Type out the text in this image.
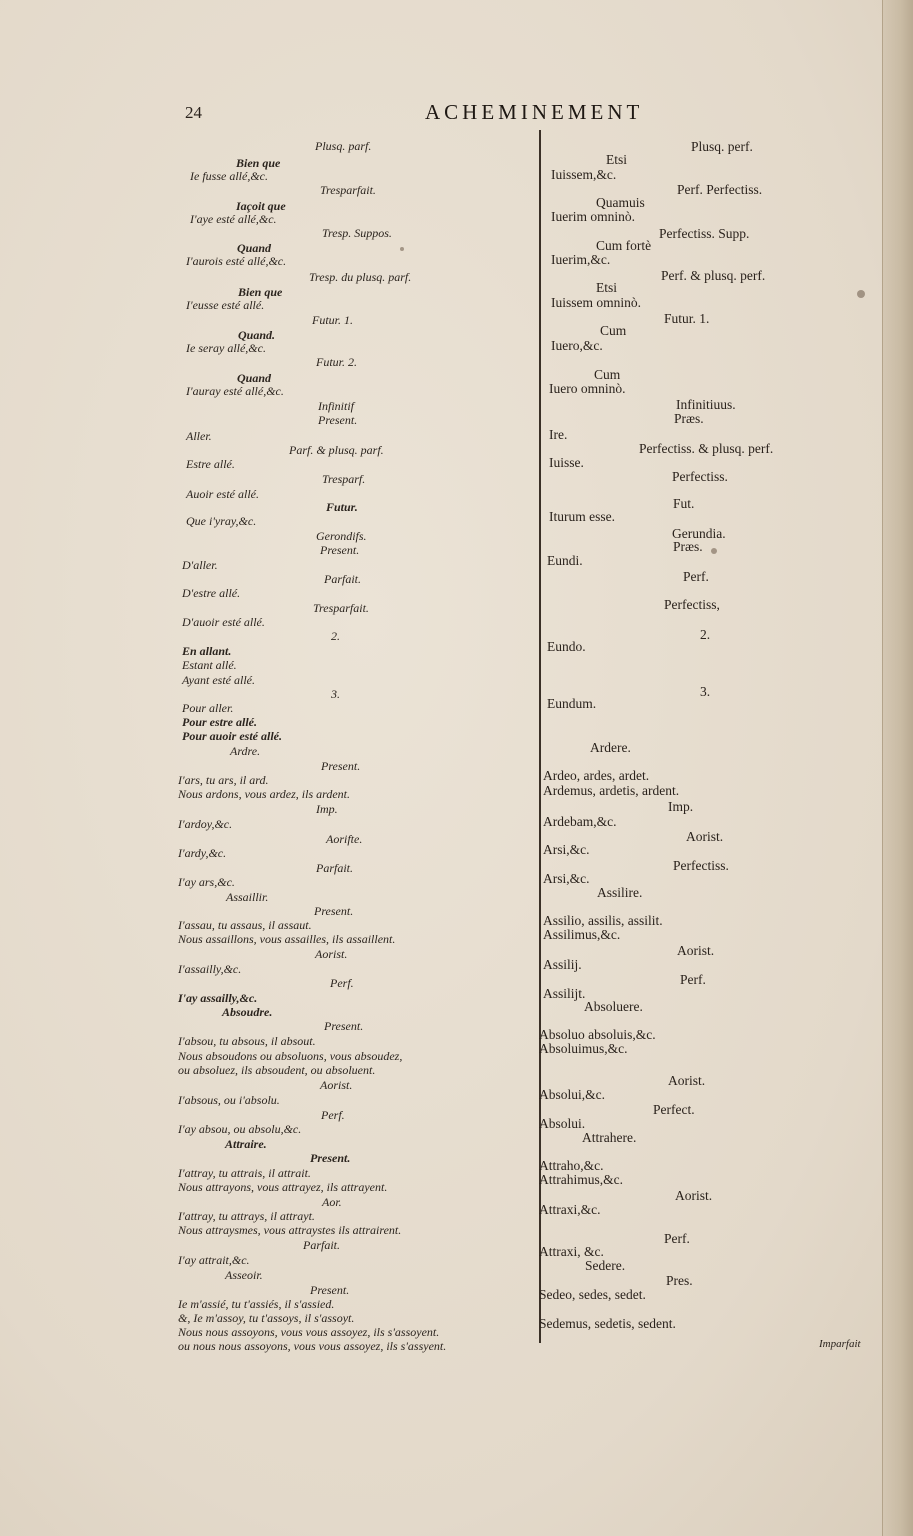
24	ACHEMINEMENT
Plusq. parf.
Bien que
Ie fusse allé,&c.
Tresparfait.
Iaçoit que
I'aye esté allé,&c.
Tresp. Suppos.
Quand
I'aurois esté allé,&c.
Tresp. du plusq. parf.
Bien que
I'eusse esté allé.
Futur. 1.
Quand.
Ie seray allé,&c.
Futur. 2.
Quand
I'auray esté allé,&c.
Infinitif
Present.
Aller.
Parf. & plusq. parf.
Estre allé.
Tresparf.
Auoir esté allé.
Futur.
Que i'yray,&c.
Gerondifs.
Present.
D'aller.
Parfait.
D'estre allé.
Tresparfait.
D'auoir esté allé.
2.
En allant.
Estant allé.
Ayant esté allé.
3.
Pour aller.
Pour estre allé.
Pour auoir esté allé.
Ardre.
Present.
I'ars, tu ars, il ard.
Nous ardons, vous ardez, ils ardent.
Imp.
I'ardoy,&c.
Aorifte.
I'ardy,&c.
Parfait.
I'ay ars,&c.
Assaillir.
Present.
I'assau, tu assaus, il assaut.
Nous assaillons, vous assailles, ils assaillent.
Aorist.
I'assailly,&c.
Perf.
I'ay assailly,&c.
Absoudre.
Present.
I'absou, tu absous, il absout.
Nous absoudons ou absoluons, vous absoudez,
ou absoluez, ils absoudent, ou absoluent.
Aorist.
I'absous, ou i'absolu.
Perf.
I'ay absou, ou absolu,&c.
Attraire.
Present.
I'attray, tu attrais, il attrait.
Nous attrayons, vous attrayez, ils attrayent.
Aor.
I'attray, tu attrays, il attrayt.
Nous attraysmes, vous attraystes ils attrairent.
Parfait.
I'ay attrait,&c.
Asseoir.
Present.
Ie m'assié, tu t'assiés, il s'assied.
&, Ie m'assoy, tu t'assoys, il s'assoyt.
Nous nous assoyons, vous vous assoyez, ils s'assoyent.
ou nous nous assoyons, vous vous assoyez, ils s'assyent.
Plusq. perf.
Etsi
Iuissem,&c.
Perf. Perfectiss.
Quamuis
Iuerim omninò.
Perfectiss. Supp.
Cum fortè
Iuerim,&c.
Perf. & plusq. perf.
Etsi
Iuissem omninò.
Futur. 1.
Cum
Iuero,&c.
Cum
Iuero omninò.
Infinitiuus.
Præs.
Ire.
Perfectiss. & plusq. perf.
Iuisse.
Perfectiss.
Fut.
Iturum esse.
Gerundia.
Præs.
Eundi.
Perf.
Perfectiss,
2.
Eundo.
3.
Eundum.
Ardere.
Ardeo, ardes, ardet.
Ardemus, ardetis, ardent.
Imp.
Ardebam,&c.
Aorist.
Arsi,&c.
Perfectiss.
Arsi,&c.
Assilire.
Assilio, assilis, assilit.
Assilimus,&c.
Aorist.
Assilij.
Perf.
Assilijt.
Absoluere.
Absoluo absoluis,&c.
Absoluimus,&c.
Aorist.
Absolui,&c.
Perfect.
Absolui.
Attrahere.
Attraho,&c.
Attrahimus,&c.
Aorist.
Attraxi,&c.
Perf.
Attraxi, &c.
Sedere.
Pres.
Sedeo, sedes, sedet.
Sedemus, sedetis, sedent.
Imparfait
